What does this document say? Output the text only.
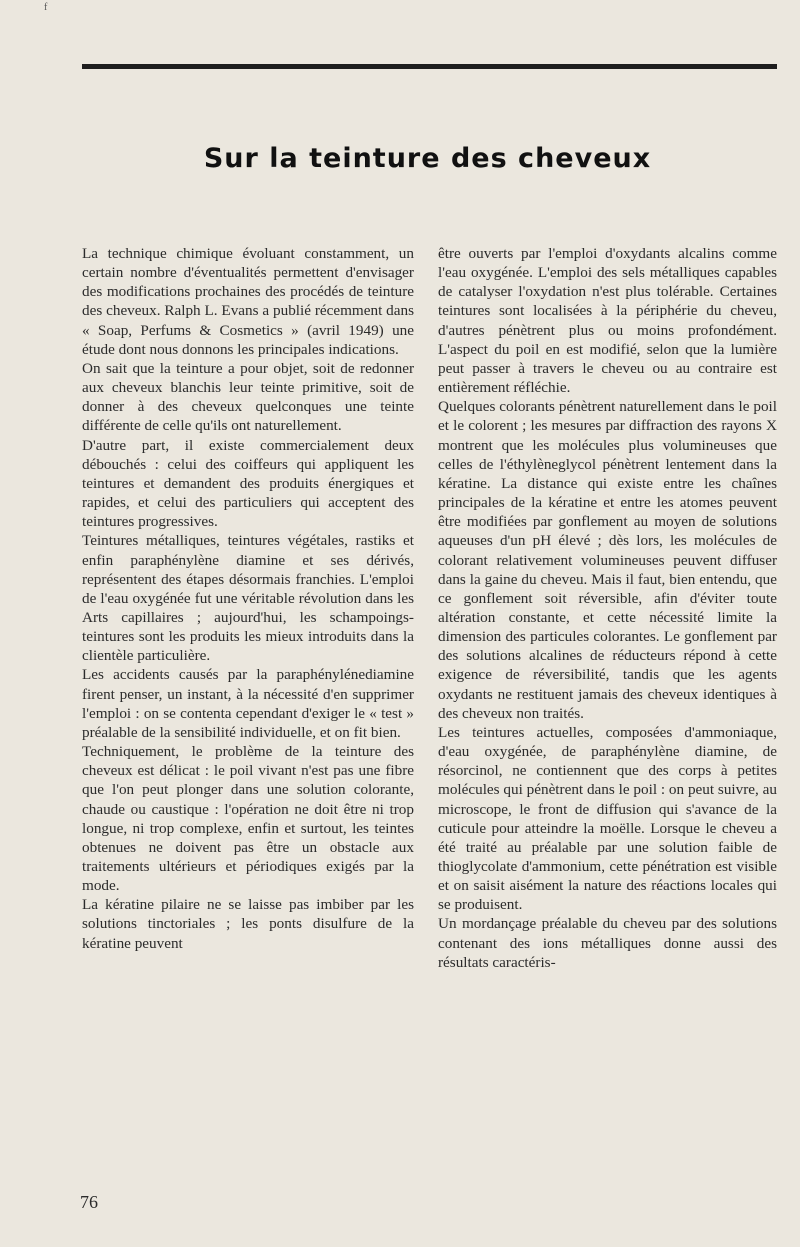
f
Sur la teinture des cheveux

La technique chimique évoluant constamment, un certain nombre d'éventualités permettent d'envisager des modifications prochaines des procédés de teinture des cheveux. Ralph L. Evans a publié récemment dans « Soap, Perfums & Cosmetics » (avril 1949) une étude dont nous donnons les principales indications.

On sait que la teinture a pour objet, soit de redonner aux cheveux blanchis leur teinte primitive, soit de donner à des cheveux quelconques une teinte différente de celle qu'ils ont naturellement.

D'autre part, il existe commercialement deux débouchés : celui des coiffeurs qui appliquent les teintures et demandent des produits énergiques et rapides, et celui des particuliers qui acceptent des teintures progressives.

Teintures métalliques, teintures végétales, rastiks et enfin paraphénylène diamine et ses dérivés, représentent des étapes désormais franchies. L'emploi de l'eau oxygénée fut une véritable révolution dans les Arts capillaires ; aujourd'hui, les schampoings-teintures sont les produits les mieux introduits dans la clientèle particulière.

Les accidents causés par la paraphénylénediamine firent penser, un instant, à la nécessité d'en supprimer l'emploi : on se contenta cependant d'exiger le « test » préalable de la sensibilité individuelle, et on fit bien.

Techniquement, le problème de la teinture des cheveux est délicat : le poil vivant n'est pas une fibre que l'on peut plonger dans une solution colorante, chaude ou caustique : l'opération ne doit être ni trop longue, ni trop complexe, enfin et surtout, les teintes obtenues ne doivent pas être un obstacle aux traitements ultérieurs et périodiques exigés par la mode.

La kératine pilaire ne se laisse pas imbiber par les solutions tinctoriales ; les ponts disulfure de la kératine peuvent

être ouverts par l'emploi d'oxydants alcalins comme l'eau oxygénée. L'emploi des sels métalliques capables de catalyser l'oxydation n'est plus tolérable. Certaines teintures sont localisées à la périphérie du cheveu, d'autres pénètrent plus ou moins profondément. L'aspect du poil en est modifié, selon que la lumière peut passer à travers le cheveu ou au contraire est entièrement réfléchie.

Quelques colorants pénètrent naturellement dans le poil et le colorent ; les mesures par diffraction des rayons X montrent que les molécules plus volumineuses que celles de l'éthylèneglycol pénètrent lentement dans la kératine. La distance qui existe entre les chaînes principales de la kératine et entre les atomes peuvent être modifiées par gonflement au moyen de solutions aqueuses d'un pH élevé ; dès lors, les molécules de colorant relativement volumineuses peuvent diffuser dans la gaine du cheveu. Mais il faut, bien entendu, que ce gonflement soit réversible, afin d'éviter toute altération constante, et cette nécessité limite la dimension des particules colorantes. Le gonflement par des solutions alcalines de réducteurs répond à cette exigence de réversibilité, tandis que les agents oxydants ne restituent jamais des cheveux identiques à des cheveux non traités.

Les teintures actuelles, composées d'ammoniaque, d'eau oxygénée, de paraphénylène diamine, de résorcinol, ne contiennent que des corps à petites molécules qui pénètrent dans le poil : on peut suivre, au microscope, le front de diffusion qui s'avance de la cuticule pour atteindre la moëlle. Lorsque le cheveu a été traité au préalable par une solution faible de thioglycolate d'ammonium, cette pénétration est visible et on saisit aisément la nature des réactions locales qui se produisent.

Un mordançage préalable du cheveu par des solutions contenant des ions métalliques donne aussi des résultats caractéris-

76
